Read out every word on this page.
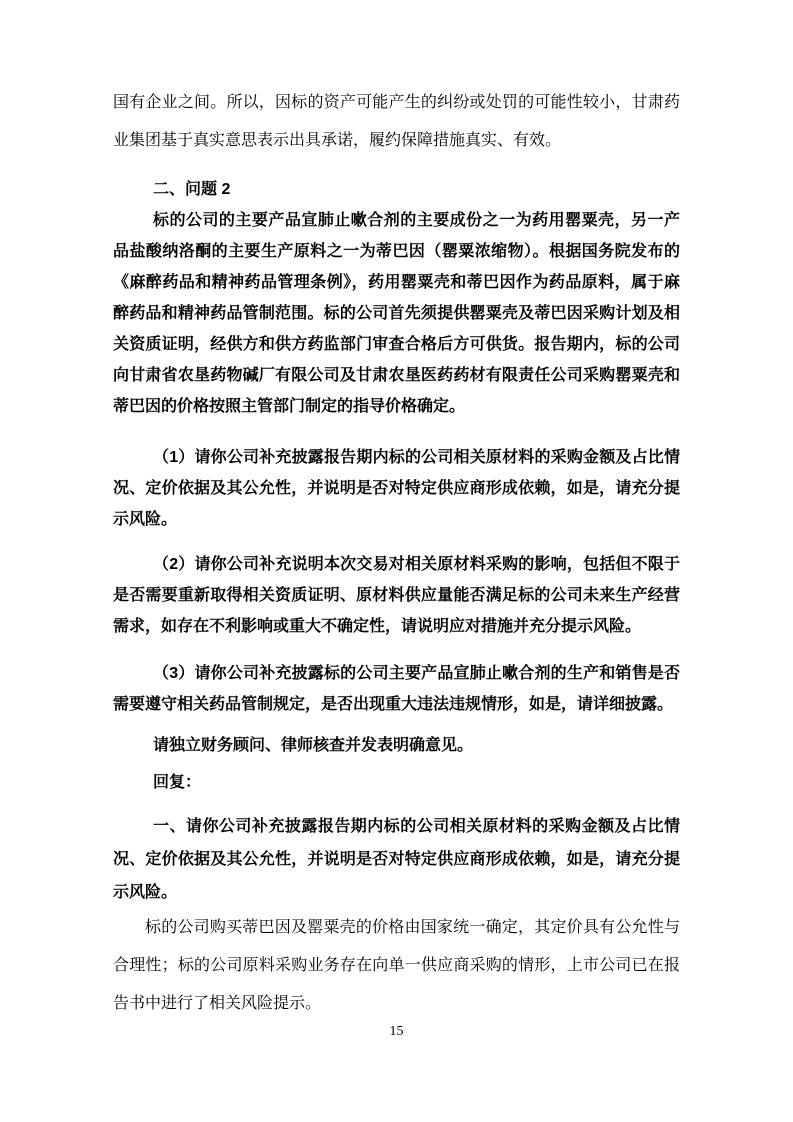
国有企业之间。所以，因标的资产可能产生的纠纷或处罚的可能性较小，甘肃药业集团基于真实意思表示出具承诺，履约保障措施真实、有效。

二、问题 2

标的公司的主要产品宣肺止嗽合剂的主要成份之一为药用罂粟壳，另一产品盐酸纳洛酮的主要生产原料之一为蒂巴因（罂粟浓缩物）。根据国务院发布的《麻醉药品和精神药品管理条例》，药用罂粟壳和蒂巴因作为药品原料，属于麻醉药品和精神药品管制范围。标的公司首先须提供罂粟壳及蒂巴因采购计划及相关资质证明，经供方和供方药监部门审查合格后方可供货。报告期内，标的公司向甘肃省农垦药物碱厂有限公司及甘肃农垦医药药材有限责任公司采购罂粟壳和蒂巴因的价格按照主管部门制定的指导价格确定。

（1）请你公司补充披露报告期内标的公司相关原材料的采购金额及占比情况、定价依据及其公允性，并说明是否对特定供应商形成依赖，如是，请充分提示风险。

（2）请你公司补充说明本次交易对相关原材料采购的影响，包括但不限于是否需要重新取得相关资质证明、原材料供应量能否满足标的公司未来生产经营需求，如存在不利影响或重大不确定性，请说明应对措施并充分提示风险。

（3）请你公司补充披露标的公司主要产品宣肺止嗽合剂的生产和销售是否需要遵守相关药品管制规定，是否出现重大违法违规情形，如是，请详细披露。

请独立财务顾问、律师核查并发表明确意见。

回复：

一、请你公司补充披露报告期内标的公司相关原材料的采购金额及占比情况、定价依据及其公允性，并说明是否对特定供应商形成依赖，如是，请充分提示风险。

标的公司购买蒂巴因及罂粟壳的价格由国家统一确定，其定价具有公允性与合理性；标的公司原料采购业务存在向单一供应商采购的情形，上市公司已在报告书中进行了相关风险提示。

15
